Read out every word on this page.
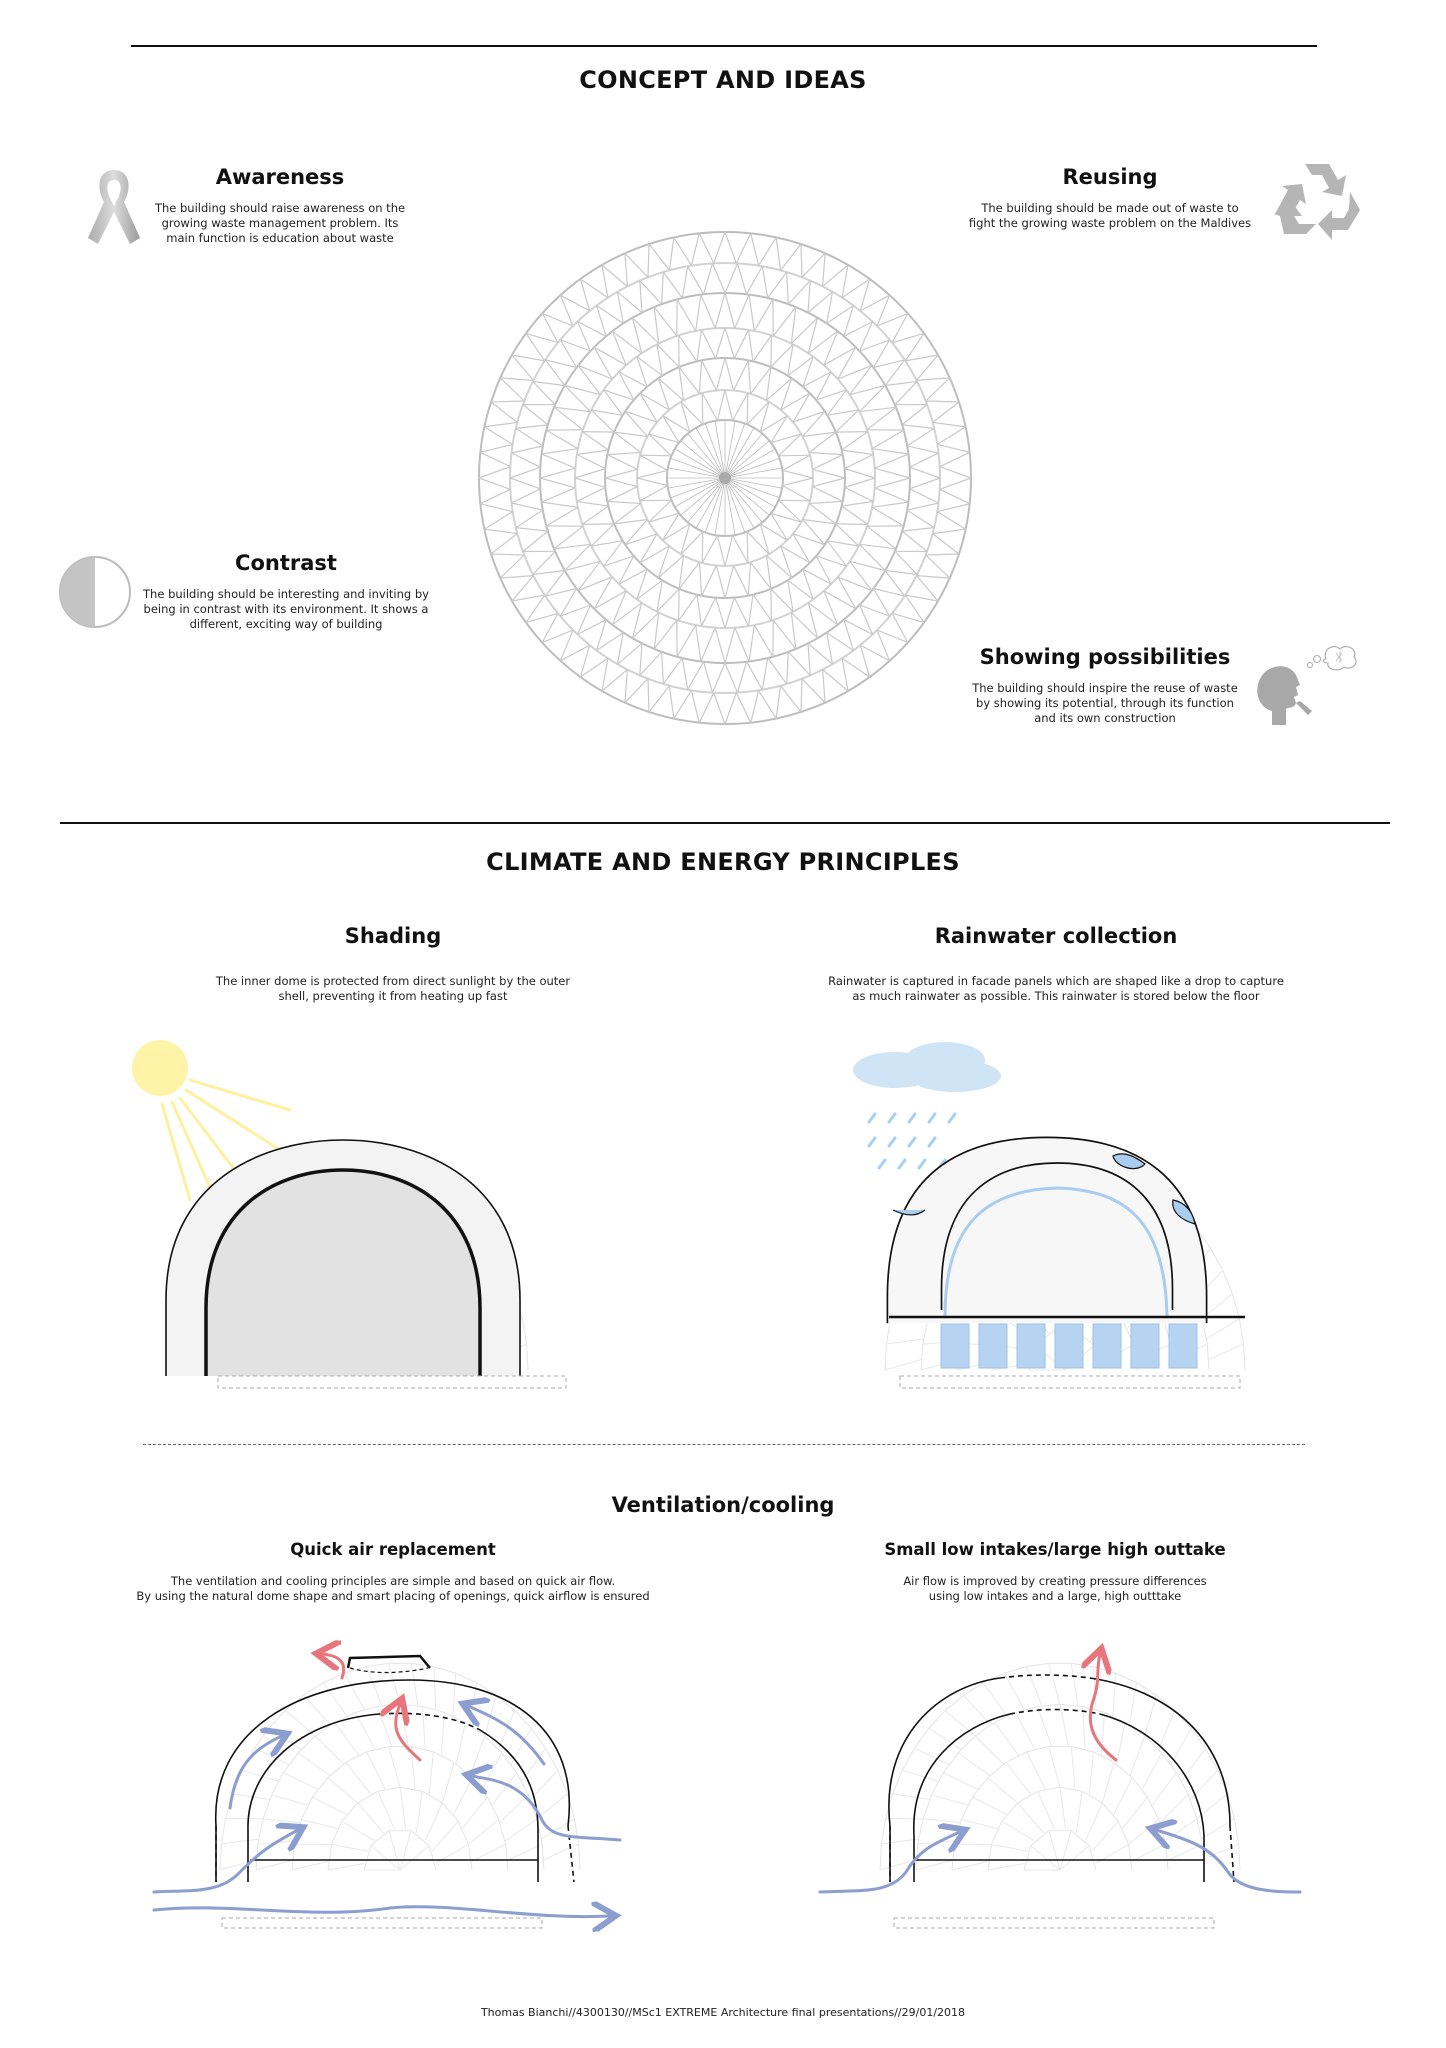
CONCEPT AND IDEAS
Awareness
The building should raise awareness on the
growing waste management problem. Its
main function is education about waste
Reusing
The building should be made out of waste to
fight the growing waste problem on the Maldives
Contrast
The building should be interesting and inviting by
being in contrast with its environment. It shows a
different, exciting way of building
Showing possibilities
The building should inspire the reuse of waste
by showing its potential, through its function
and its own construction
CLIMATE AND ENERGY PRINCIPLES
Shading
The inner dome is protected from direct sunlight by the outer
shell, preventing it from heating up fast
Rainwater collection
Rainwater is captured in facade panels which are shaped like a drop to capture
as much rainwater as possible. This rainwater is stored below the floor
Ventilation/cooling
Quick air replacement
The ventilation and cooling principles are simple and based on quick air flow.
By using the natural dome shape and smart placing of openings, quick airflow is ensured
Small low intakes/large high outtake
Air flow is improved by creating pressure differences
using low intakes and a large, high outttake
Thomas Bianchi//4300130//MSc1 EXTREME Architecture final presentations//29/01/2018
